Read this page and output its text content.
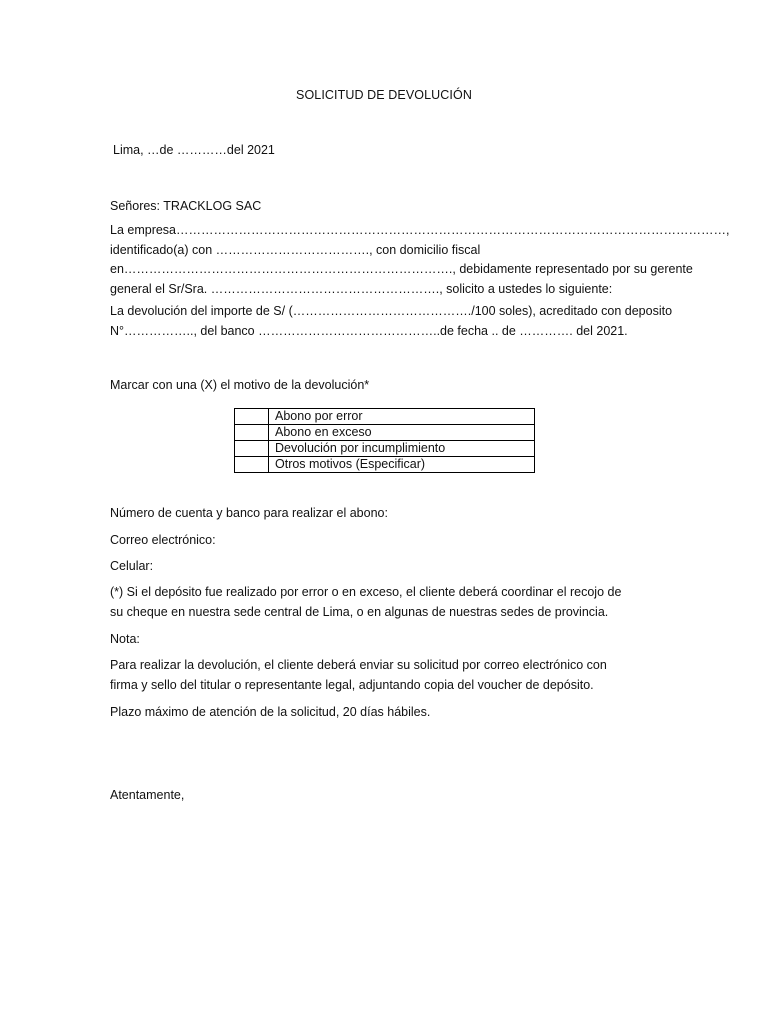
SOLICITUD DE DEVOLUCIÓN

Lima, …de …………del 2021

Señores: TRACKLOG SAC

La empresa……………………………………………………………………………………………………………………,
identificado(a) con ………………………………., con domicilio fiscal
en……………………………………………………………………., debidamente representado por su gerente
general el Sr/Sra. ………………………………………………., solicito a ustedes lo siguiente:
La devolución del importe de S/ (……………………………………./100 soles), acreditado con deposito
N°…………….., del banco ……………………………………..de fecha .. de …………. del 2021.

Marcar con una (X) el motivo de la devolución*

	Abono por error
	Abono en exceso
	Devolución por incumplimiento
	Otros motivos (Especificar)

Número de cuenta y banco para realizar el abono:

Correo electrónico:

Celular:

(*) Si el depósito fue realizado por error o en exceso, el cliente deberá coordinar el recojo de
su cheque en nuestra sede central de Lima, o en algunas de nuestras sedes de provincia.

Nota:

Para realizar la devolución, el cliente deberá enviar su solicitud por correo electrónico con
firma y sello del titular o representante legal, adjuntando copia del voucher de depósito.

Plazo máximo de atención de la solicitud, 20 días hábiles.

Atentamente,
